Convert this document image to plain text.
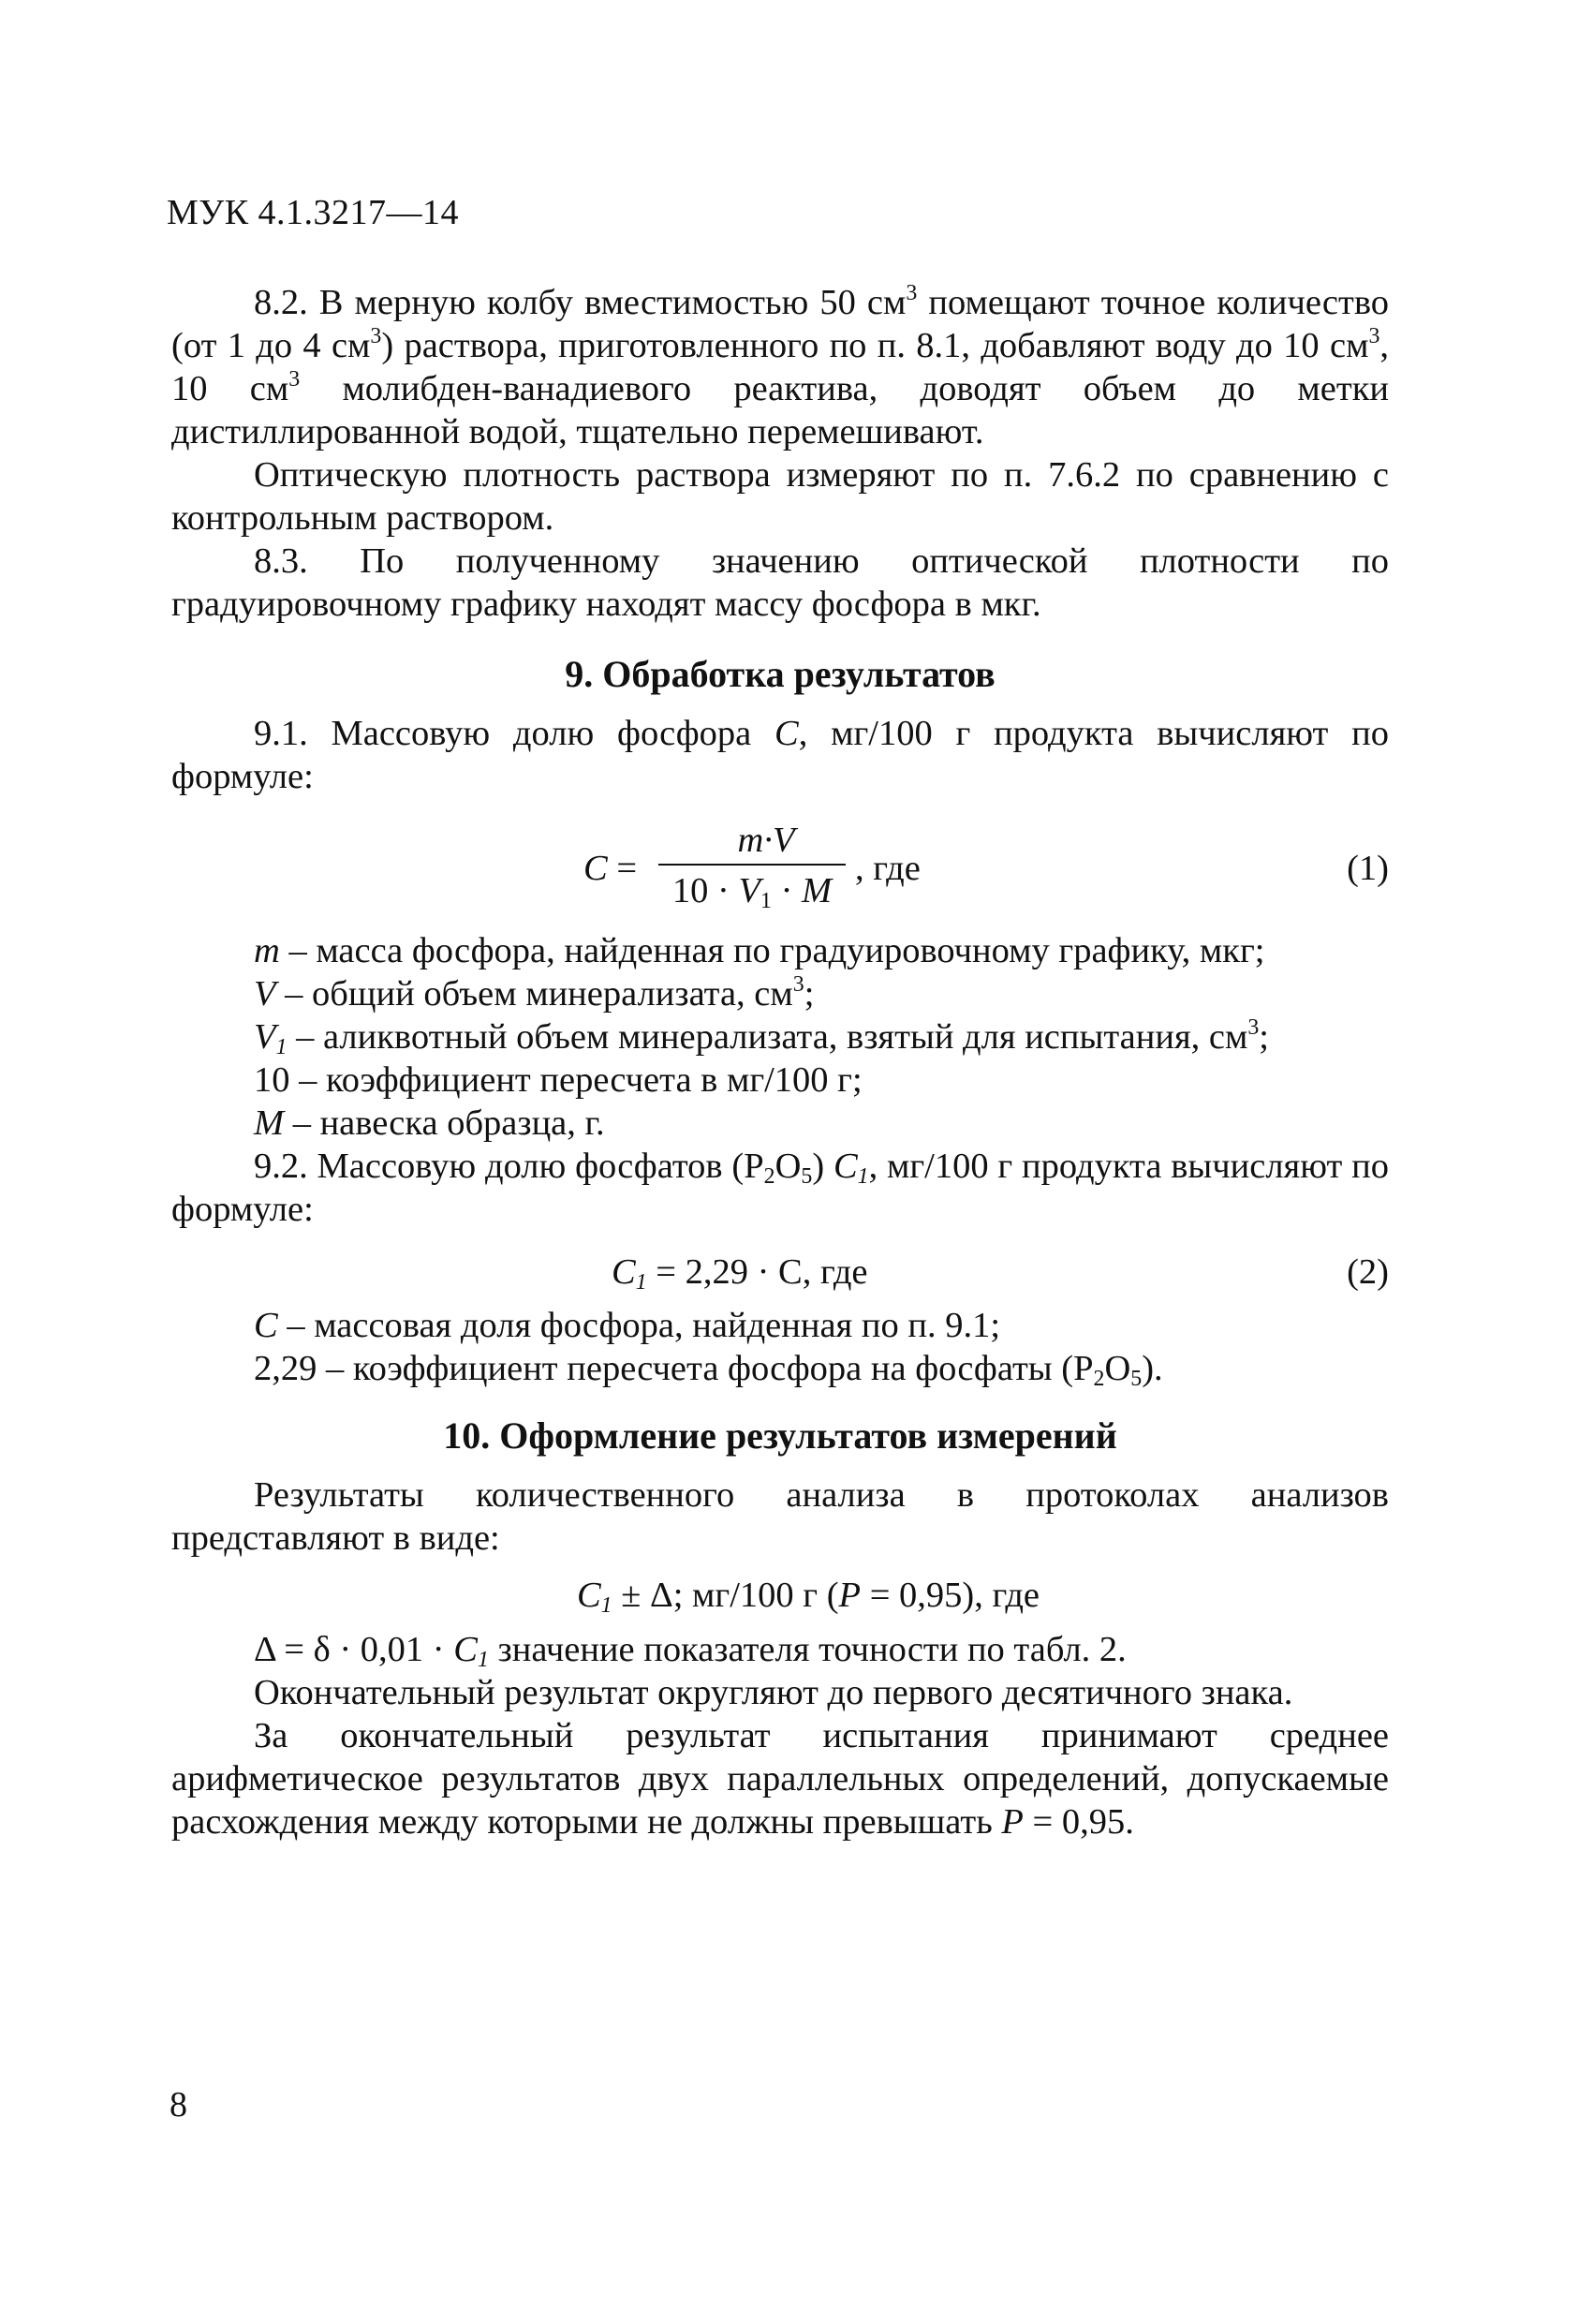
МУК 4.1.3217—14

8.2. В мерную колбу вместимостью 50 $см^3$ помещают точное количество (от 1 до 4 $см^3$) раствора, приготовленного по п. 8.1, добавляют воду до 10 $см^3$, 10 $см^3$ молибден-ванадиевого реактива, доводят объем до метки дистиллированной водой, тщательно перемешивают.

Оптическую плотность раствора измеряют по п. 7.6.2 по сравнению с контрольным раствором.

8.3. По полученному значению оптической плотности по градуировочному графику находят массу фосфора в мкг.

9. Обработка результатов

9.1. Массовую долю фосфора C, мг/100 г продукта вычисляют по формуле:

C =
m·V
$10 \cdot V_1 \cdot M$
, где	(1)

m – масса фосфора, найденная по градуировочному графику, мкг;

V – общий объем минерализата, $см^3$;

$V_1$ – аликвотный объем минерализата, взятый для испытания, $см^3$;

10 – коэффициент пересчета в мг/100 г;

M – навеска образца, г.

9.2. Массовую долю фосфатов $(P_2O_5)$ $C_1$, мг/100 г продукта вычисляют по формуле:

$C_1 = 2,29 \cdot С$, где	(2)

C – массовая доля фосфора, найденная по п. 9.1;

2,29 – коэффициент пересчета фосфора на фосфаты $(P_2O_5)$.

10. Оформление результатов измерений

Результаты количественного анализа в протоколах анализов представляют в виде:

$C_1 \pm \Delta$; мг/100 г (P = 0,95), где

$\Delta = \delta \cdot 0,01 \cdot C_1$ значение показателя точности по табл. 2.

Окончательный результат округляют до первого десятичного знака.

За окончательный результат испытания принимают среднее арифметическое результатов двух параллельных определений, допускаемые расхождения между которыми не должны превышать P = 0,95.

8
